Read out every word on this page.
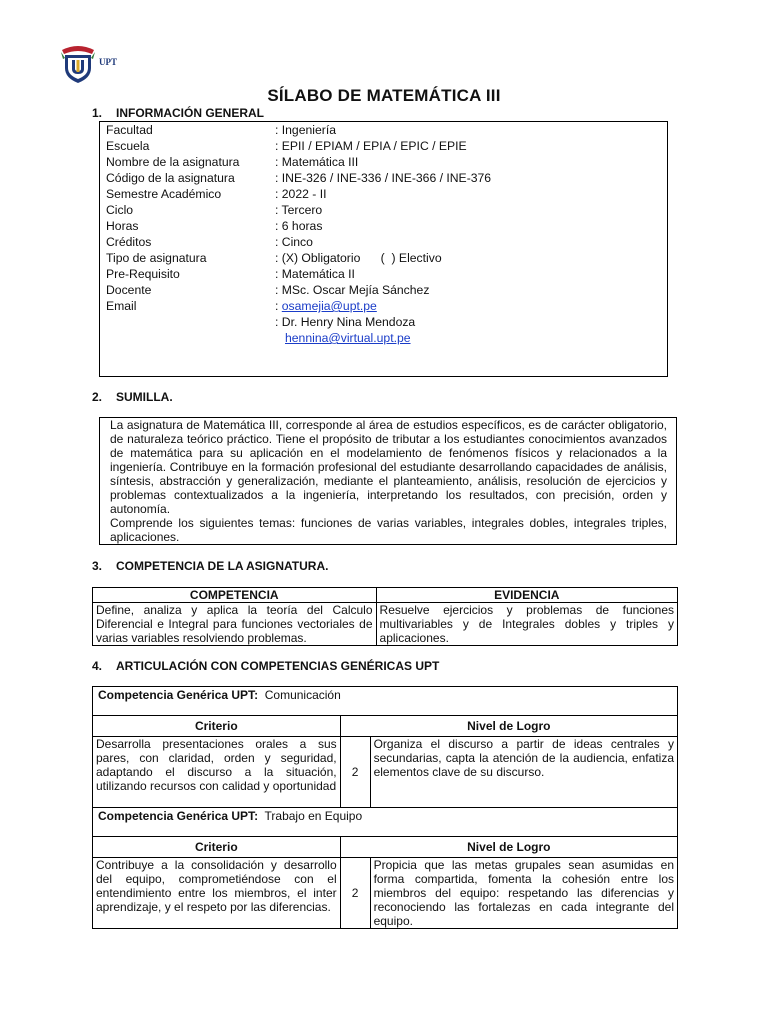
UPT
SÍLABO DE MATEMÁTICA III
1. INFORMACIÓN GENERAL
Facultad	: Ingeniería
Escuela	: EPII / EPIAM / EPIA / EPIC / EPIE
Nombre de la asignatura	: Matemática III
Código de la asignatura	: INE-326 / INE-336 / INE-366 / INE-376
Semestre Académico	: 2022 - II
Ciclo	: Tercero
Horas	: 6 horas
Créditos	: Cinco
Tipo de asignatura	: (X) Obligatorio      (  ) Electivo
Pre-Requisito	: Matemática II
Docente	: MSc. Oscar Mejía Sánchez
Email	: osamejia@upt.pe
: Dr. Henry Nina Mendoza
hennina@virtual.upt.pe
2. SUMILLA.

La asignatura de Matemática III, corresponde al área de estudios específicos, es de carácter obligatorio, de naturaleza teórico práctico. Tiene el propósito de tributar a los estudiantes conocimientos avanzados de matemática para su aplicación en el modelamiento de fenómenos físicos y relacionados a la ingeniería. Contribuye en la formación profesional del estudiante desarrollando capacidades de análisis, síntesis, abstracción y generalización, mediante el planteamiento, análisis, resolución de ejercicios y problemas contextualizados a la ingeniería, interpretando los resultados, con precisión, orden y autonomía.

Comprende los siguientes temas: funciones de varias variables, integrales dobles, integrales triples, aplicaciones.

3. COMPETENCIA DE LA ASIGNATURA.
COMPETENCIA	EVIDENCIA
Define, analiza y aplica la teoría del Calculo Diferencial e Integral para funciones vectoriales de varias variables resolviendo problemas.	Resuelve ejercicios y problemas de funciones multivariables y de Integrales dobles y triples y aplicaciones.
4. ARTICULACIÓN CON COMPETENCIAS GENÉRICAS UPT
Competencia Genérica UPT: Comunicación		
Criterio	Nivel de Logro	
Desarrolla presentaciones orales a sus pares, con claridad, orden y seguridad, adaptando el discurso a la situación, utilizando recursos con calidad y oportunidad	2	Organiza el discurso a partir de ideas centrales y secundarias, capta la atención de la audiencia, enfatiza elementos clave de su discurso.
Competencia Genérica UPT: Trabajo en Equipo		
Criterio	Nivel de Logro	
Contribuye a la consolidación y desarrollo del equipo, comprometiéndose con el entendimiento entre los miembros, el inter aprendizaje, y el respeto por las diferencias.	2	Propicia que las metas grupales sean asumidas en forma compartida, fomenta la cohesión entre los miembros del equipo: respetando las diferencias y reconociendo las fortalezas en cada integrante del equipo.
